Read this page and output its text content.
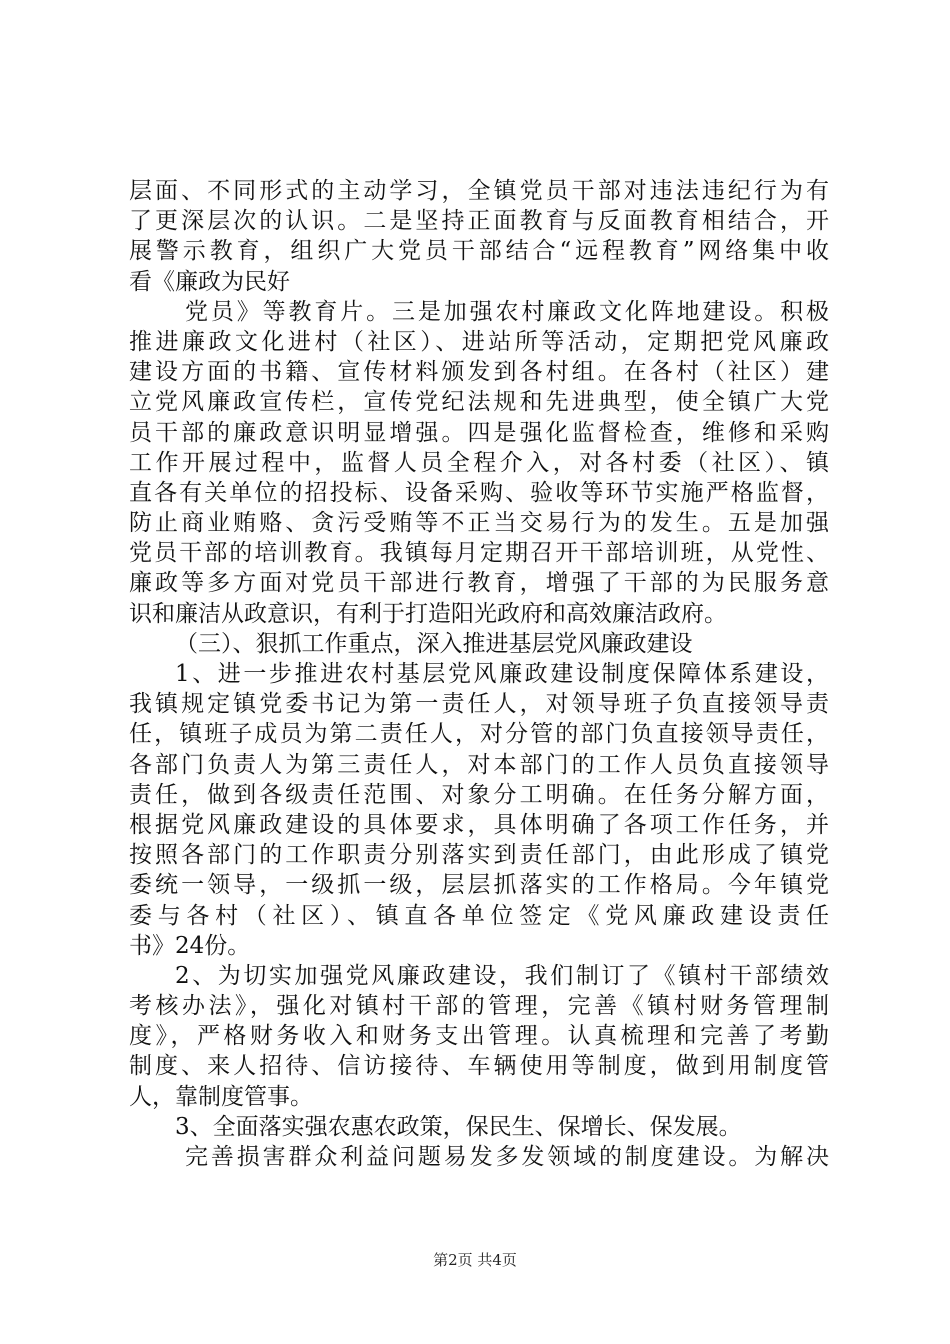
层面、不同形式的主动学习，全镇党员干部对违法违纪行为有
了更深层次的认识。二是坚持正面教育与反面教育相结合，开
展警示教育，组织广大党员干部结合“远程教育”网络集中收
看《廉政为民好
党员》等教育片。三是加强农村廉政文化阵地建设。积极
推进廉政文化进村（社区）、进站所等活动，定期把党风廉政
建设方面的书籍、宣传材料颁发到各村组。在各村（社区）建
立党风廉政宣传栏，宣传党纪法规和先进典型，使全镇广大党
员干部的廉政意识明显增强。四是强化监督检查，维修和采购
工作开展过程中，监督人员全程介入，对各村委（社区）、镇
直各有关单位的招投标、设备采购、验收等环节实施严格监督，
防止商业贿赂、贪污受贿等不正当交易行为的发生。五是加强
党员干部的培训教育。我镇每月定期召开干部培训班，从党性、
廉政等多方面对党员干部进行教育，增强了干部的为民服务意
识和廉洁从政意识，有利于打造阳光政府和高效廉洁政府。
（三）、狠抓工作重点，深入推进基层党风廉政建设
1、进一步推进农村基层党风廉政建设制度保障体系建设，
我镇规定镇党委书记为第一责任人，对领导班子负直接领导责
任，镇班子成员为第二责任人，对分管的部门负直接领导责任，
各部门负责人为第三责任人，对本部门的工作人员负直接领导
责任，做到各级责任范围、对象分工明确。在任务分解方面，
根据党风廉政建设的具体要求，具体明确了各项工作任务，并
按照各部门的工作职责分别落实到责任部门，由此形成了镇党
委统一领导，一级抓一级，层层抓落实的工作格局。今年镇党
委与各村（社区）、镇直各单位签定《党风廉政建设责任
书》24份。
2、为切实加强党风廉政建设，我们制订了《镇村干部绩效
考核办法》，强化对镇村干部的管理，完善《镇村财务管理制
度》，严格财务收入和财务支出管理。认真梳理和完善了考勤
制度、来人招待、信访接待、车辆使用等制度，做到用制度管
人，靠制度管事。
3、全面落实强农惠农政策，保民生、保增长、保发展。
完善损害群众利益问题易发多发领域的制度建设。为解决
第2页 共4页
